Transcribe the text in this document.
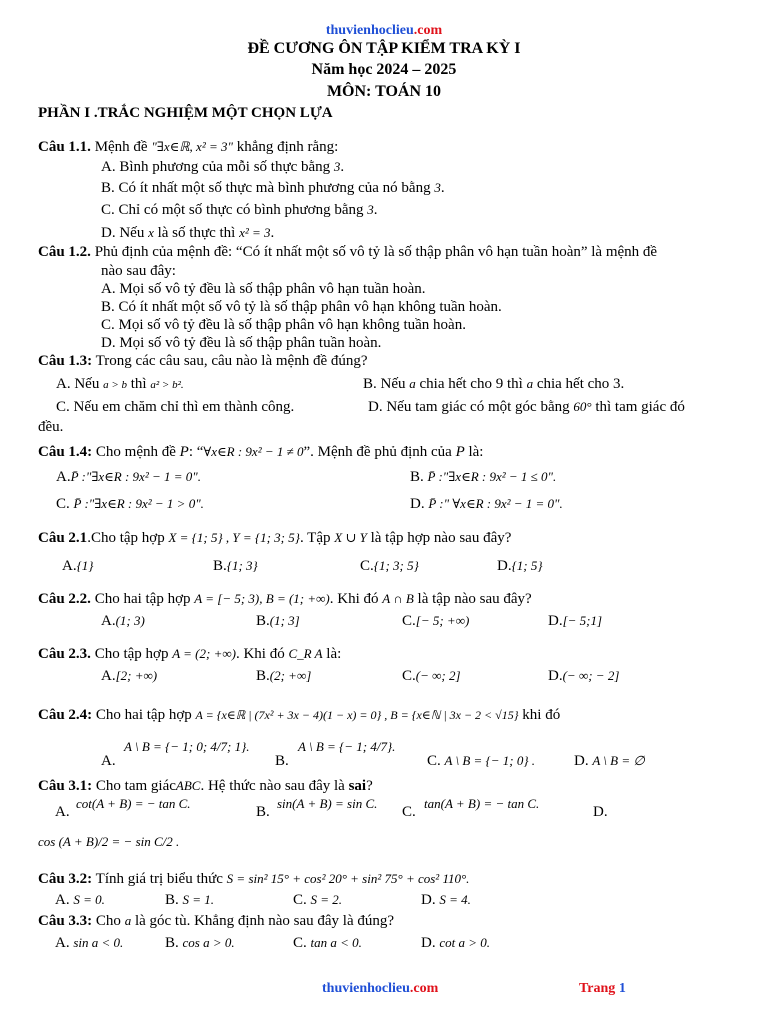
thuvienhoclieu.com
ĐỀ CƯƠNG ÔN TẬP KIỂM TRA KỲ I
Năm học 2024 – 2025
MÔN: TOÁN 10
PHẦN I .TRẮC NGHIỆM MỘT CHỌN LỰA
Câu 1.1. Mệnh đề "∃x∈ℝ, x² = 3" khẳng định rằng:
A. Bình phương của mỗi số thực bằng 3.
B. Có ít nhất một số thực mà bình phương của nó bằng 3.
C. Chỉ có một số thực có bình phương bằng 3.
D. Nếu x là số thực thì x² = 3.
Câu 1.2. Phủ định của mệnh đề: “Có ít nhất một số vô tỷ là số thập phân vô hạn tuần hoàn” là mệnh đề
nào sau đây:
A. Mọi số vô tỷ đều là số thập phân vô hạn tuần hoàn.
B. Có ít nhất một số vô tỷ là số thập phân vô hạn không tuần hoàn.
C. Mọi số vô tỷ đều là số thập phân vô hạn không tuần hoàn.
D. Mọi số vô tỷ đều là số thập phân tuần hoàn.
Câu 1.3: Trong các câu sau, câu nào là mệnh đề đúng?
A. Nếu a > b thì a² > b².	B. Nếu a chia hết cho 9 thì a chia hết cho 3.
C. Nếu em chăm chỉ thì em thành công.	D. Nếu tam giác có một góc bằng 60° thì tam giác đó
đều.
Câu 1.4: Cho mệnh đề P: “∀x∈R : 9x² − 1 ≠ 0”. Mệnh đề phủ định của P là:
A.P̄ :"∃x∈R : 9x² − 1 = 0".	B. P̄ :"∃x∈R : 9x² − 1 ≤ 0".
C. P̄ :"∃x∈R : 9x² − 1 > 0".	D. P̄ :" ∀x∈R : 9x² − 1 = 0".
Câu 2.1.Cho tập hợp X = {1; 5} , Y = {1; 3; 5}. Tập X ∪ Y là tập hợp nào sau đây?
A.{1}	B.{1; 3}	C.{1; 3; 5}	D.{1; 5}
Câu 2.2. Cho hai tập hợp A = [− 5; 3), B = (1; +∞). Khi đó A ∩ B là tập nào sau đây?
A.(1; 3)	B.(1; 3]	C.[− 5; +∞)	D.[− 5;1]
Câu 2.3. Cho tập hợp A = (2; +∞). Khi đó C_R A là:
A.[2; +∞)	B.(2; +∞]	C.(− ∞; 2]	D.(− ∞; − 2]
Câu 2.4: Cho hai tập hợp A = {x∈ℝ | (7x² + 3x − 4)(1 − x) = 0} , B = {x∈ℕ | 3x − 2 < √15} khi đó
A.
A \ B = {− 1; 0; 4/7; 1}.
B.
A \ B = {− 1; 4/7}.
C. A \ B = {− 1; 0} .	D. A \ B = ∅
Câu 3.1: Cho tam giácABC. Hệ thức nào sau đây là sai?
A.
cot(A + B) = − tan C.
B.
sin(A + B) = sin C.
C.
tan(A + B) = − tan C.
D.
cos (A + B)/2 = − sin C/2 .
Câu 3.2: Tính giá trị biểu thức S = sin² 15° + cos² 20° + sin² 75° + cos² 110°.
A. S = 0.	B. S = 1.	C. S = 2.	D. S = 4.
Câu 3.3: Cho a là góc tù. Khẳng định nào sau đây là đúng?
A. sin a < 0.	B. cos a > 0.	C. tan a < 0.	D. cot a > 0.
thuvienhoclieu.com	Trang 1
